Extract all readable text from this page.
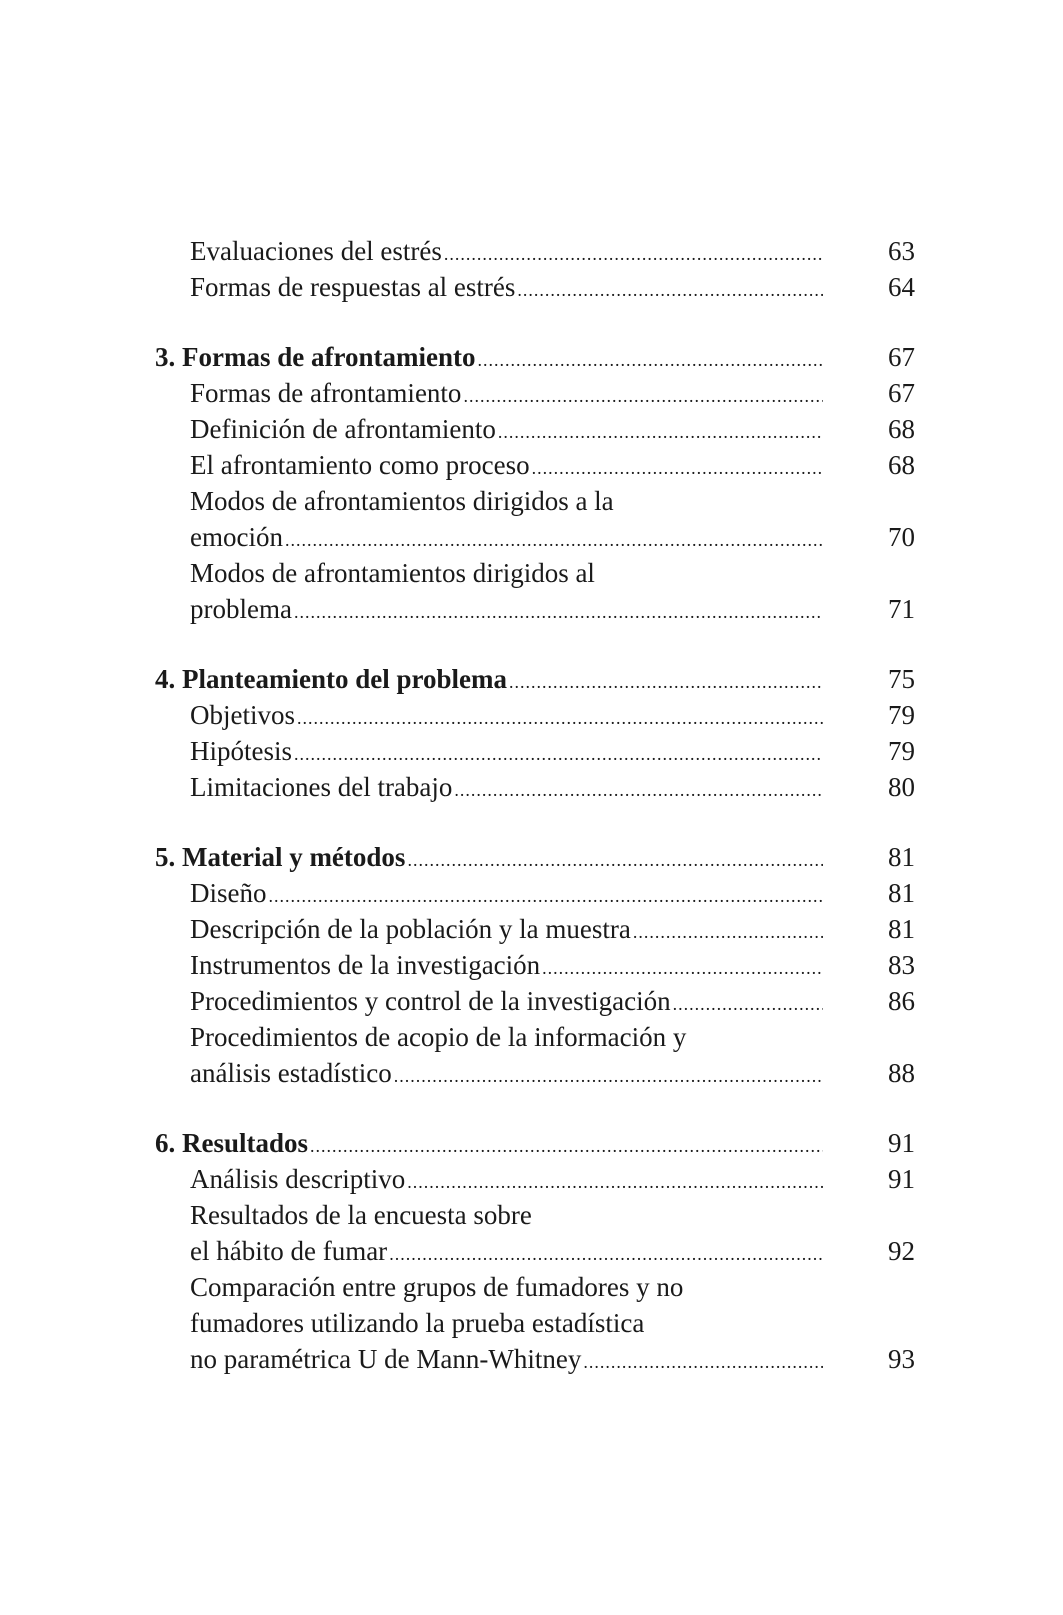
Evaluaciones del estrés .....	63
Formas de respuestas al estrés .....	64
3. Formas de afrontamiento .....	67
Formas de afrontamiento .....	67
Definición de afrontamiento .....	68
El afrontamiento como proceso .....	68
Modos de afrontamientos dirigidos a la
emoción .....	70
Modos de afrontamientos dirigidos al
problema .....	71
4. Planteamiento del problema .....	75
Objetivos .....	79
Hipótesis .....	79
Limitaciones del trabajo .....	80
5. Material y métodos .....	81
Diseño .....	81
Descripción de la población y la muestra .....	81
Instrumentos de la investigación .....	83
Procedimientos y control de la investigación .....	86
Procedimientos de acopio de la información y
análisis estadístico .....	88
6. Resultados .....	91
Análisis descriptivo .....	91
Resultados de la encuesta sobre
el hábito de fumar .....	92
Comparación entre grupos de fumadores y no
fumadores utilizando la prueba estadística
no paramétrica U de Mann-Whitney .....	93
